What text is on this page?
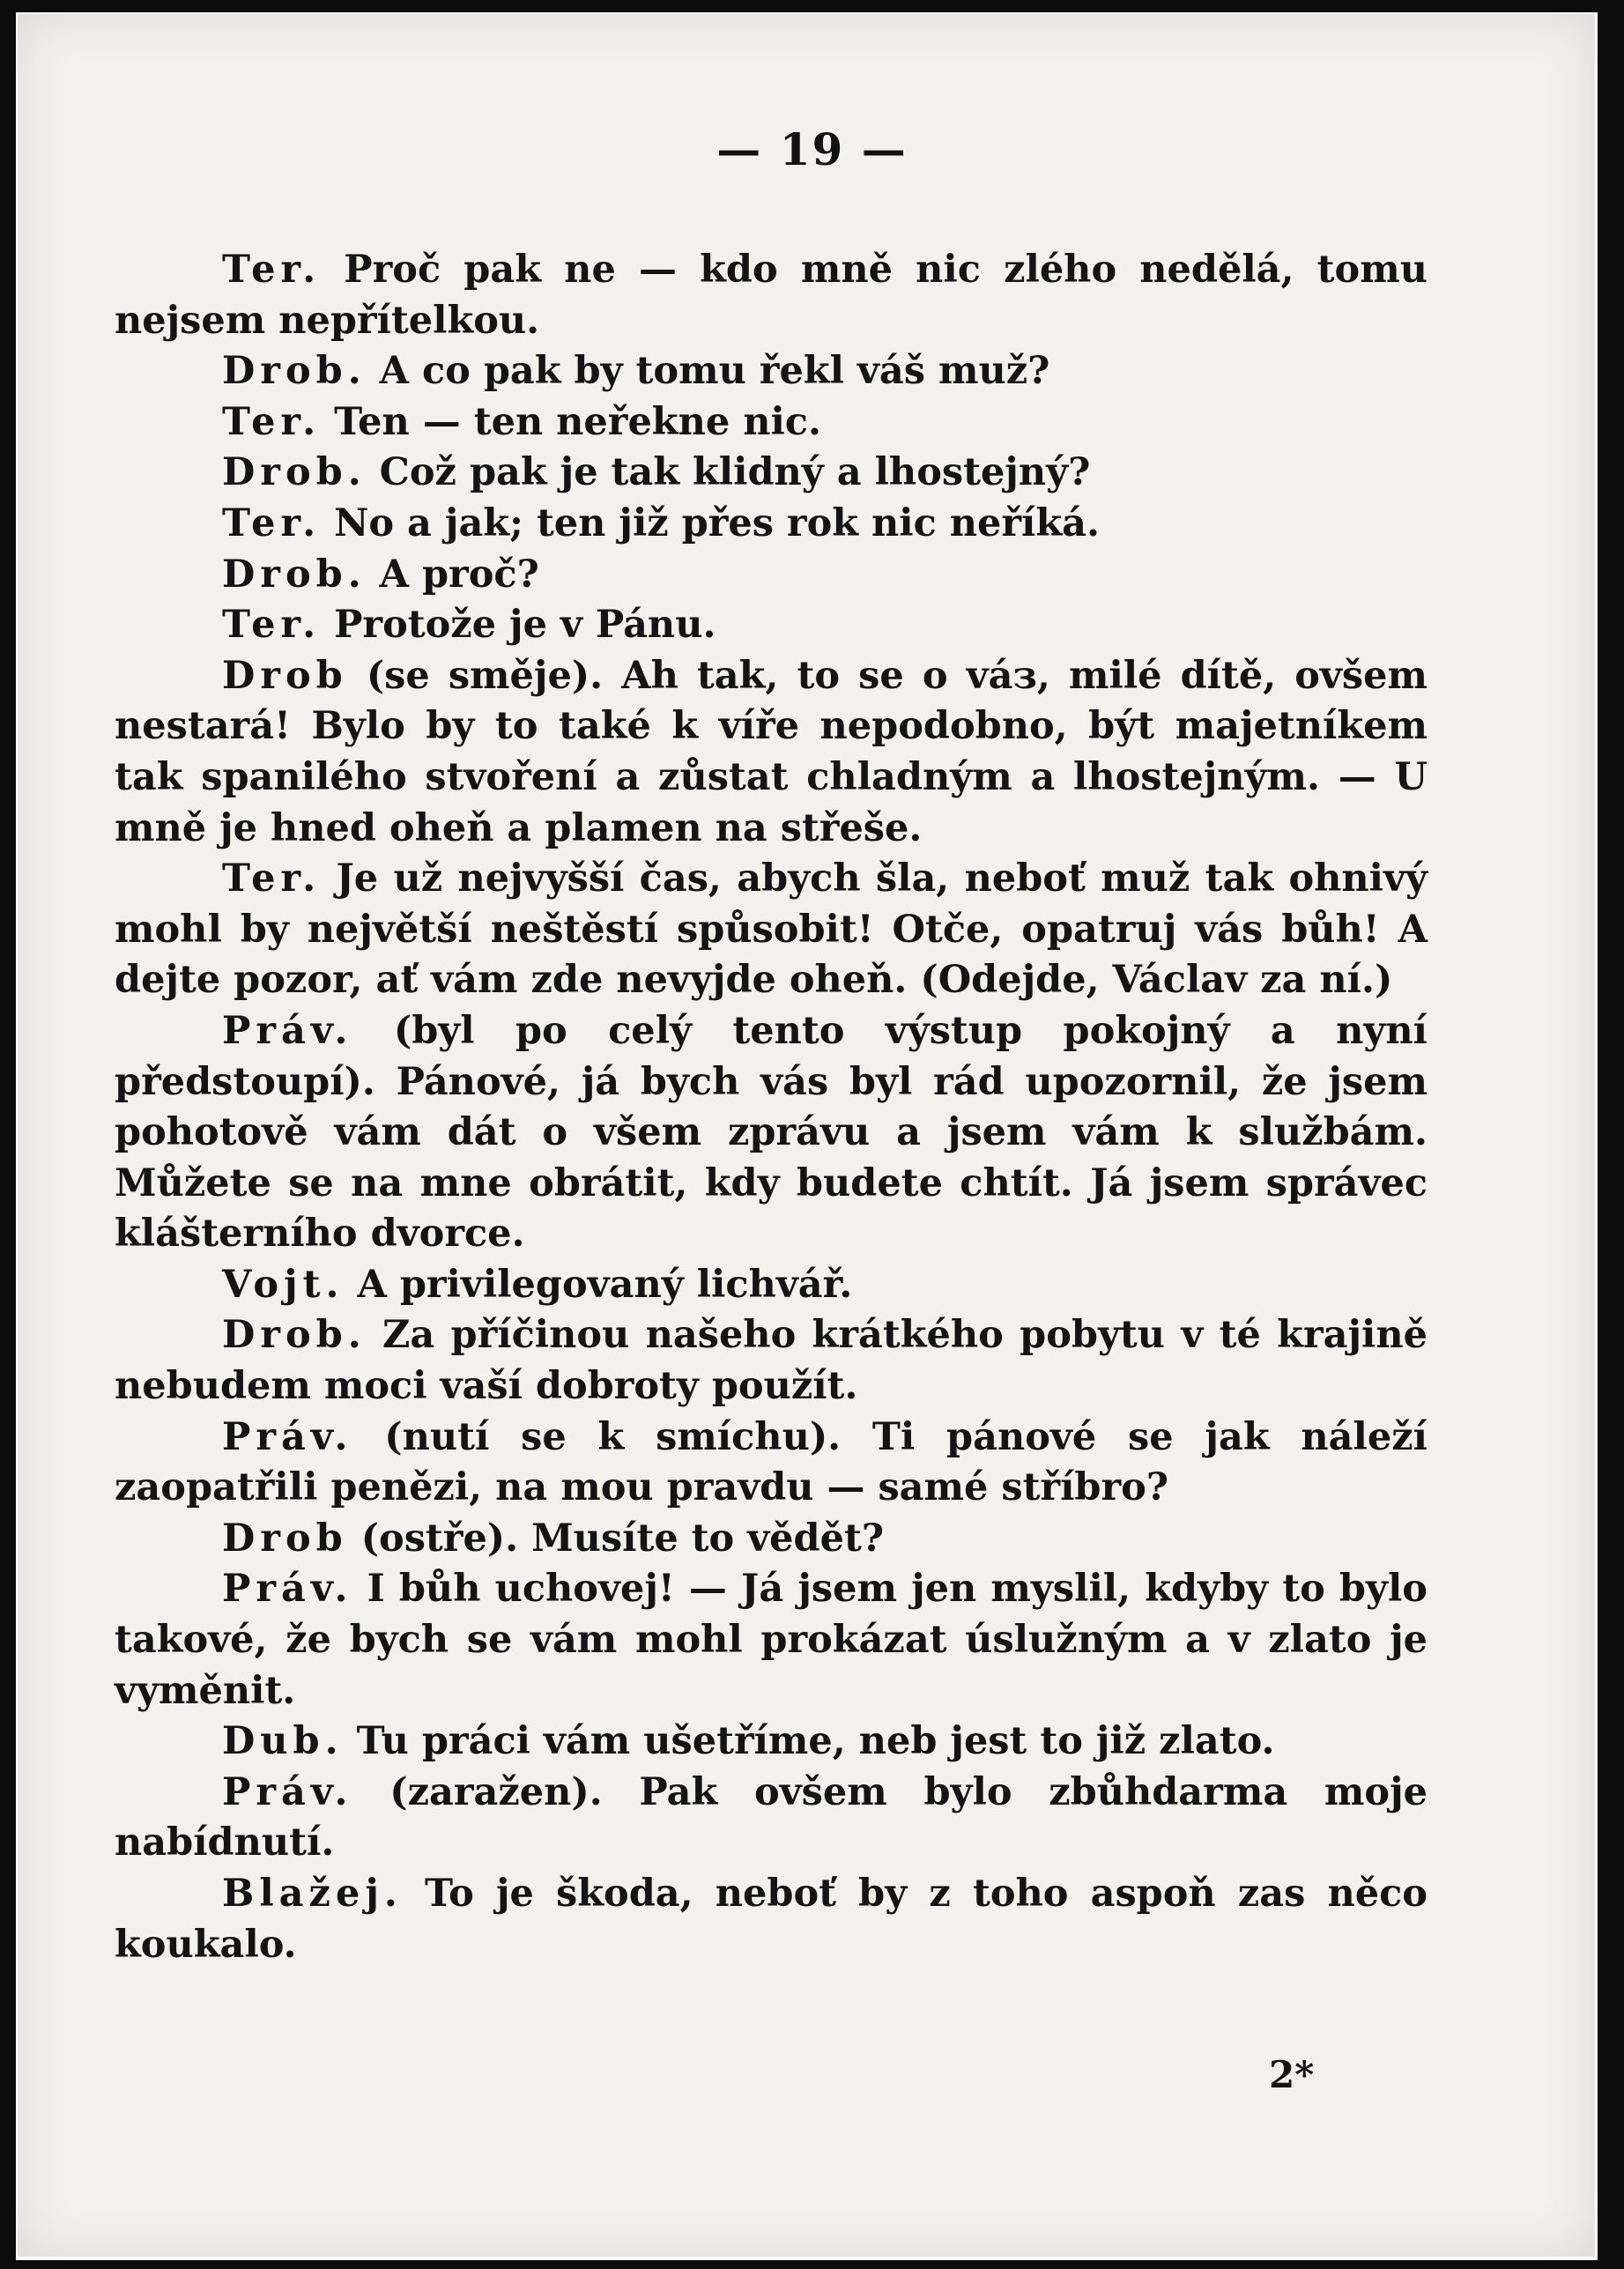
— 19 —

Ter. Proč pak ne — kdo mně nic zlého nedělá, tomu nejsem nepřítelkou.

Drob. A co pak by tomu řekl váš muž?

Ter. Ten — ten neřekne nic.

Drob. Což pak je tak klidný a lhostejný?

Ter. No a jak; ten již přes rok nic neříká.

Drob. A proč?

Ter. Protože je v Pánu.

Drob (se směje). Ah tak, to se o váз, milé dítě, ovšem nestará! Bylo by to také k víře nepodobno, být majetníkem tak spanilého stvoření a zůstat chladným a lhostejným. — U mně je hned oheň a plamen na střeše.

Ter. Je už nejvyšší čas, abych šla, neboť muž tak ohnivý mohl by největší neštěstí spůsobit! Otče, opatruj vás bůh! A dejte pozor, ať vám zde nevyjde oheň. (Odejde, Václav za ní.)

Práv. (byl po celý tento výstup pokojný a nyní předstoupí). Pánové, já bych vás byl rád upozornil, že jsem pohotově vám dát o všem zprávu a jsem vám k službám. Můžete se na mne obrátit, kdy budete chtít. Já jsem správec klášterního dvorce.

Vojt. A privilegovaný lichvář.

Drob. Za příčinou našeho krátkého pobytu v té krajině nebudem moci vaší dobroty použít.

Práv. (nutí se k smíchu). Ti pánové se jak náleží zaopatřili penězi, na mou pravdu — samé stříbro?

Drob (ostře). Musíte to vědět?

Práv. I bůh uchovej! — Já jsem jen myslil, kdyby to bylo takové, že bych se vám mohl prokázat úslužným a v zlato je vyměnit.

Dub. Tu práci vám ušetříme, neb jest to již zlato.

Práv. (zaražen). Pak ovšem bylo zbůhdarma moje nabídnutí.

Blažej. To je škoda, neboť by z toho aspoň zas něco koukalo.

2*
